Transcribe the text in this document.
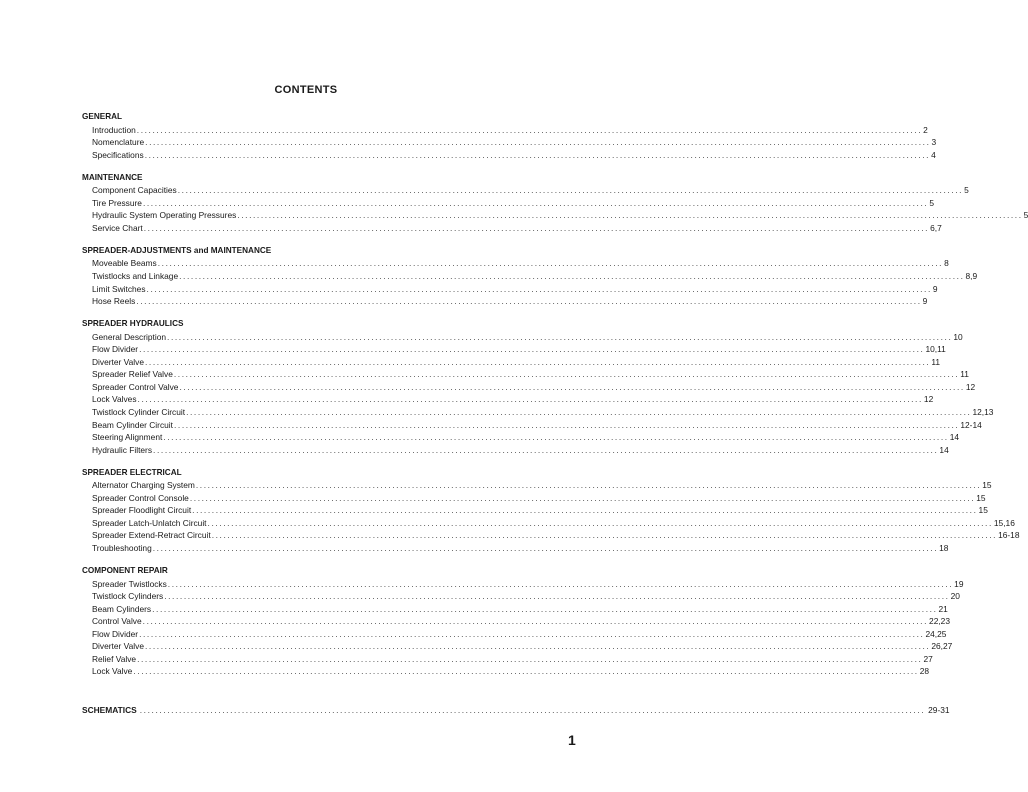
CONTENTS
GENERAL
Introduction ........................................................................................................................................................................................................ 2
Nomenclature ........................................................................................................................................................................................................ 3
Specifications ........................................................................................................................................................................................................ 4
MAINTENANCE
Component Capacities ........................................................................................................................................................................................................ 5
Tire Pressure ........................................................................................................................................................................................................ 5
Hydraulic System Operating Pressures ........................................................................................................................................................................................................ 5
Service Chart ........................................................................................................................................................................................................ 6,7
SPREADER-ADJUSTMENTS and MAINTENANCE
Moveable Beams ........................................................................................................................................................................................................ 8
Twistlocks and Linkage ........................................................................................................................................................................................................ 8,9
Limit Switches ........................................................................................................................................................................................................ 9
Hose Reels ........................................................................................................................................................................................................ 9
SPREADER HYDRAULICS
General Description ........................................................................................................................................................................................................ 10
Flow Divider ........................................................................................................................................................................................................ 10,11
Diverter Valve ........................................................................................................................................................................................................ 11
Spreader Relief Valve ........................................................................................................................................................................................................ 11
Spreader Control Valve ........................................................................................................................................................................................................ 12
Lock Valves ........................................................................................................................................................................................................ 12
Twistlock Cylinder Circuit ........................................................................................................................................................................................................ 12,13
Beam Cylinder Circuit ........................................................................................................................................................................................................ 12-14
Steering Alignment ........................................................................................................................................................................................................ 14
Hydraulic Filters ........................................................................................................................................................................................................ 14
SPREADER ELECTRICAL
Alternator Charging System ........................................................................................................................................................................................................ 15
Spreader Control Console ........................................................................................................................................................................................................ 15
Spreader Floodlight Circuit ........................................................................................................................................................................................................ 15
Spreader Latch-Unlatch Circuit ........................................................................................................................................................................................................ 15,16
Spreader Extend-Retract Circuit ........................................................................................................................................................................................................ 16-18
Troubleshooting ........................................................................................................................................................................................................ 18
COMPONENT REPAIR
Spreader Twistlocks ........................................................................................................................................................................................................ 19
Twistlock Cylinders ........................................................................................................................................................................................................ 20
Beam Cylinders ........................................................................................................................................................................................................ 21
Control Valve ........................................................................................................................................................................................................ 22,23
Flow Divider ........................................................................................................................................................................................................ 24,25
Diverter Valve ........................................................................................................................................................................................................ 26,27
Relief Valve ........................................................................................................................................................................................................ 27
Lock Valve ........................................................................................................................................................................................................ 28
SCHEMATICS ........................................................................................................................................................................................................ 29-31
1
